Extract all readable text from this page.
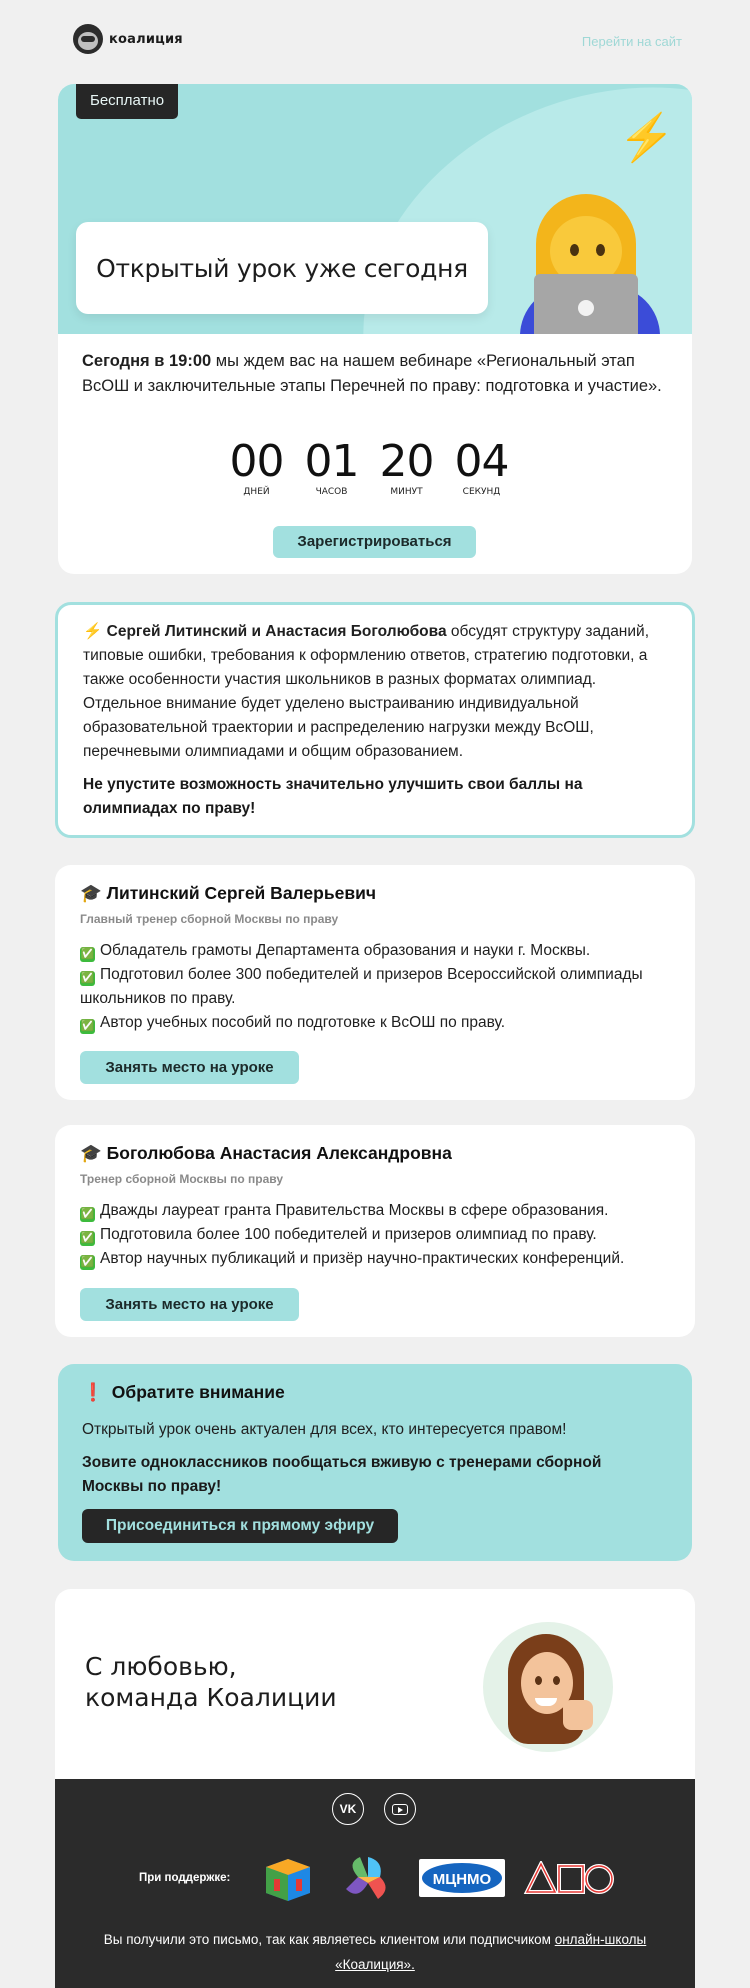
коалиция	Перейти на сайт
Бесплатно
⚡
Открытый урок уже сегодня

Сегодня в 19:00 мы ждем вас на нашем вебинаре «Региональный этап ВсОШ и заключительные этапы Перечней по праву: подготовка и участие».

00
ДНЕЙ
01
ЧАСОВ
20
МИНУТ
04
СЕКУНД
Зарегистрироваться

⚡ Сергей Литинский и Анастасия Боголюбова обсудят структуру заданий, типовые ошибки, требования к оформлению ответов, стратегию подготовки, а также особенности участия школьников в разных форматах олимпиад. Отдельное внимание будет уделено выстраиванию индивидуальной образовательной траектории и распределению нагрузки между ВсОШ, перечневыми олимпиадами и общим образованием.

Не упустите возможность значительно улучшить свои баллы на олимпиадах по праву!

🎓 Литинский Сергей Валерьевич
Главный тренер сборной Москвы по праву
✅ Обладатель грамоты Департамента образования и науки г. Москвы.
✅ Подготовил более 300 победителей и призеров Всероссийской олимпиады школьников по праву.
✅ Автор учебных пособий по подготовке к ВсОШ по праву.
Занять место на уроке
🎓 Боголюбова Анастасия Александровна
Тренер сборной Москвы по праву
✅ Дважды лауреат гранта Правительства Москвы в сфере образования.
✅ Подготовила более 100 победителей и призеров олимпиад по праву.
✅ Автор научных публикаций и призёр научно-практических конференций.
Занять место на уроке
❗ Обратите внимание

Открытый урок очень актуален для всех, кто интересуется правом!

Зовите одноклассников пообщаться вживую с тренерами сборной Москвы по праву!

Присоединиться к прямому эфиру
С любовью,
команда Коалиции
VK
При поддержке:	МЦНМО

Вы получили это письмо, так как являетесь клиентом или подписчиком онлайн-школы «Коалиция».
